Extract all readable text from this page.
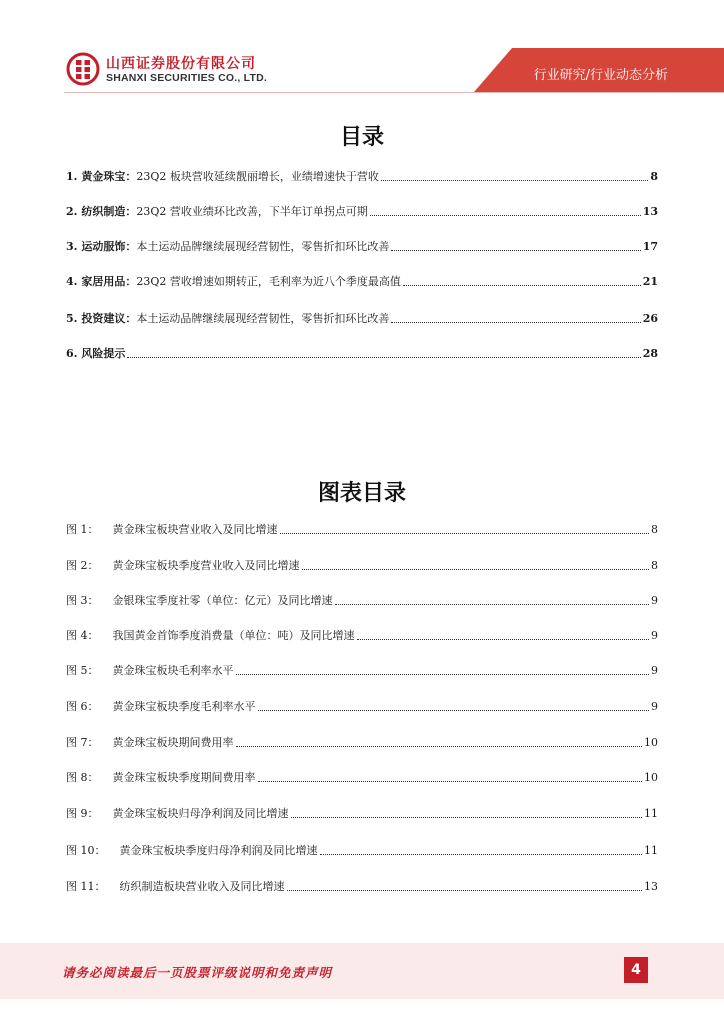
山西证券股份有限公司
SHANXI SECURITIES CO., LTD.	行业研究/行业动态分析
目录
1. 黄金珠宝： 23Q2 板块营收延续靓丽增长，业绩增速快于营收	8
2. 纺织制造： 23Q2 营收业绩环比改善，下半年订单拐点可期	13
3. 运动服饰： 本土运动品牌继续展现经营韧性，零售折扣环比改善	17
4. 家居用品： 23Q2 营收增速如期转正，毛利率为近八个季度最高值	21
5. 投资建议： 本土运动品牌继续展现经营韧性，零售折扣环比改善	26
6. 风险提示	28
图表目录
图 1： 黄金珠宝板块营业收入及同比增速	8
图 2： 黄金珠宝板块季度营业收入及同比增速	8
图 3： 金银珠宝季度社零（单位：亿元）及同比增速	9
图 4： 我国黄金首饰季度消费量（单位：吨）及同比增速	9
图 5： 黄金珠宝板块毛利率水平	9
图 6： 黄金珠宝板块季度毛利率水平	9
图 7： 黄金珠宝板块期间费用率	10
图 8： 黄金珠宝板块季度期间费用率	10
图 9： 黄金珠宝板块归母净利润及同比增速	11
图 10： 黄金珠宝板块季度归母净利润及同比增速	11
图 11： 纺织制造板块营业收入及同比增速	13
请务必阅读最后一页股票评级说明和免责声明	4
